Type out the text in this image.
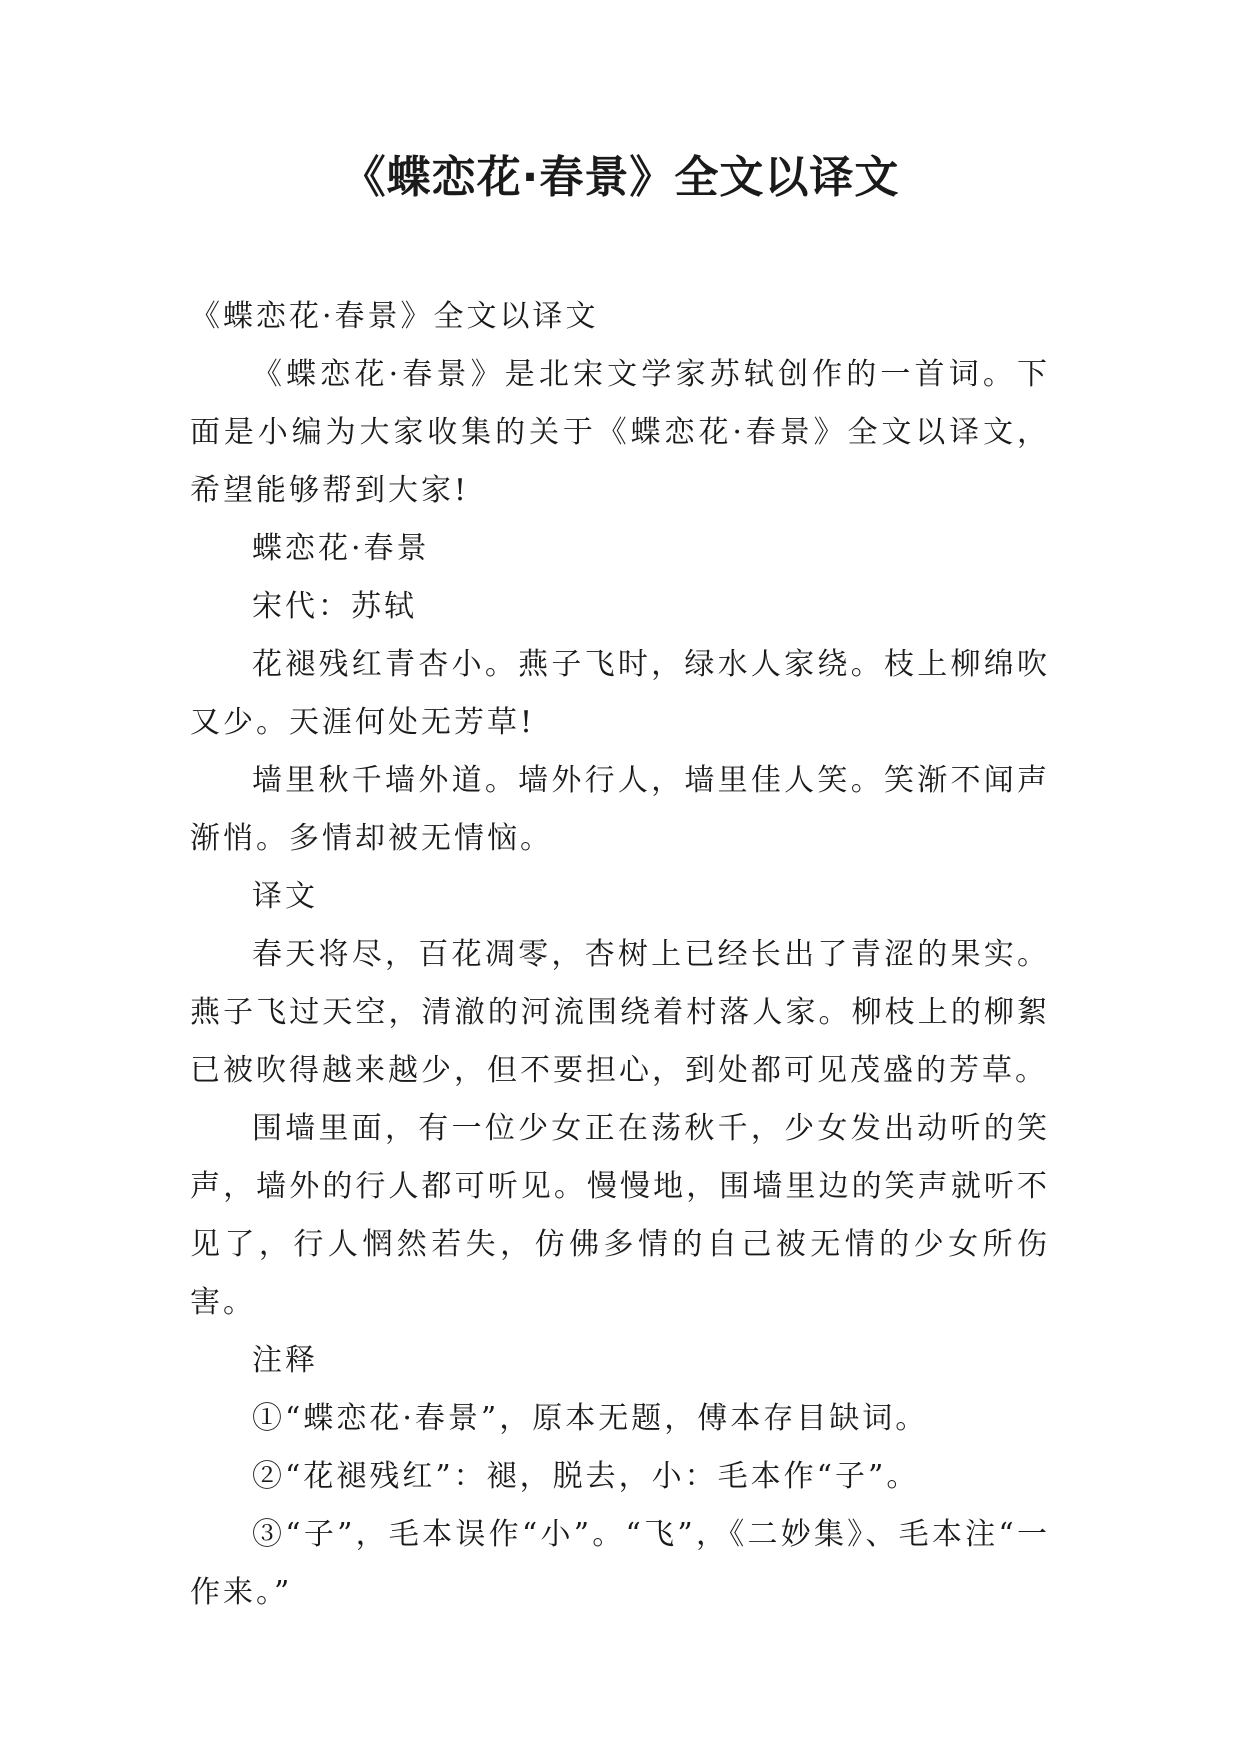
《蝶恋花·春景》全文以译文

《蝶恋花·春景》全文以译文

《蝶恋花·春景》是北宋文学家苏轼创作的一首词。下面是小编为大家收集的关于《蝶恋花·春景》全文以译文，希望能够帮到大家!

蝶恋花·春景

宋代：苏轼

花褪残红青杏小。燕子飞时，绿水人家绕。枝上柳绵吹又少。天涯何处无芳草!

墙里秋千墙外道。墙外行人，墙里佳人笑。笑渐不闻声渐悄。多情却被无情恼。

译文

春天将尽，百花凋零，杏树上已经长出了青涩的果实。燕子飞过天空，清澈的河流围绕着村落人家。柳枝上的柳絮已被吹得越来越少，但不要担心，到处都可见茂盛的芳草。

围墙里面，有一位少女正在荡秋千，少女发出动听的笑声，墙外的行人都可听见。慢慢地，围墙里边的笑声就听不见了，行人惘然若失，仿佛多情的自己被无情的少女所伤害。

注释

①“蝶恋花·春景”，原本无题，傅本存目缺词。

②“花褪残红”：褪，脱去，小：毛本作“子”。

③“子”，毛本误作“小”。“飞”，《二妙集》、毛本注“一作来。”
